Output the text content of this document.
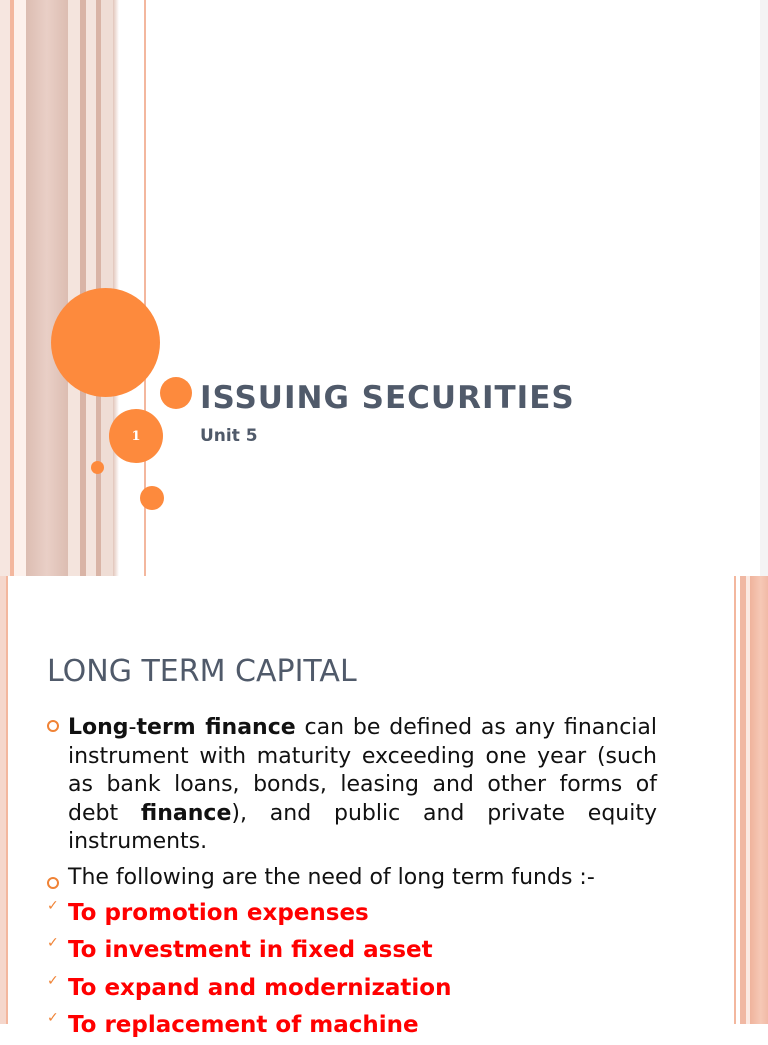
1
ISSUING SECURITIES
Unit 5
LONG TERM CAPITAL
Long-term finance can be defined as any financial instrument with maturity exceeding one year (such as bank loans, bonds, leasing and other forms of debt finance), and public and private equity instruments.
The following are the need of long term funds :-
✓ To promotion expenses
✓ To investment in fixed asset
✓ To expand and modernization
✓ To replacement of machine
